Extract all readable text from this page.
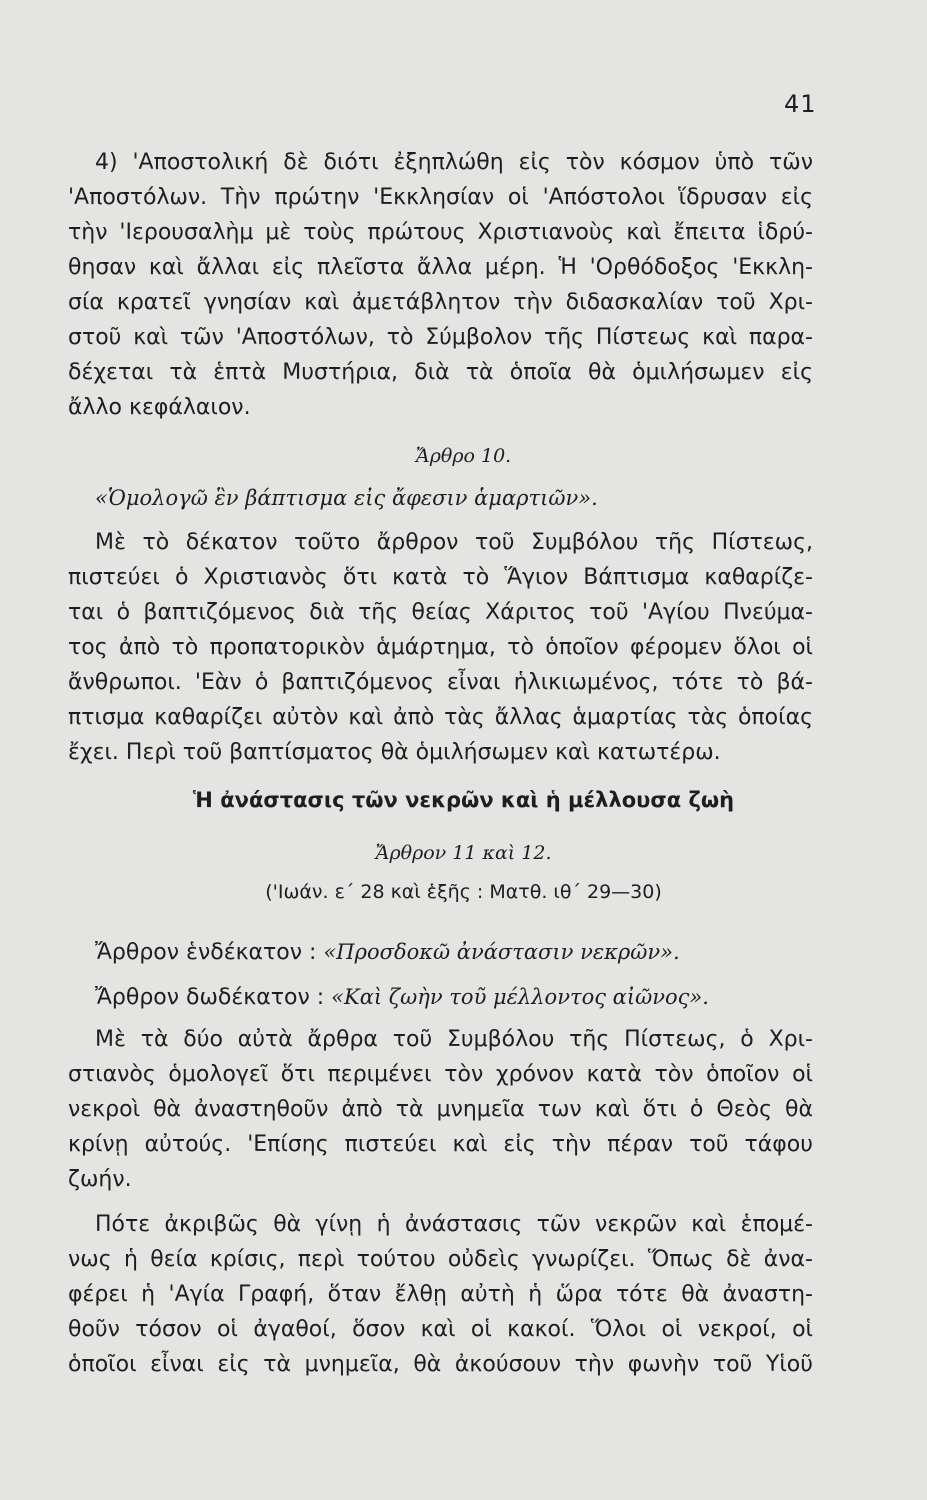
41
4) 'Αποστολική δὲ διότι ἐξηπλώθη εἰς τὸν κόσμον ὑπὸ τῶν
'Αποστόλων. Τὴν πρώτην 'Εκκλησίαν οἱ 'Απόστολοι ἵδρυσαν εἰς
τὴν 'Ιερουσαλὴμ μὲ τοὺς πρώτους Χριστιανοὺς καὶ ἔπειτα ἱδρύ-
θησαν καὶ ἄλλαι εἰς πλεῖστα ἄλλα μέρη. Ἡ 'Ορθόδοξος 'Εκκλη-
σία κρατεῖ γνησίαν καὶ ἀμετάβλητον τὴν διδασκαλίαν τοῦ Χρι-
στοῦ καὶ τῶν 'Αποστόλων, τὸ Σύμβολον τῆς Πίστεως καὶ παρα-
δέχεται τὰ ἑπτὰ Μυστήρια, διὰ τὰ ὁποῖα θὰ ὁμιλήσωμεν εἰς
ἄλλο κεφάλαιον.
Ἄρθρο 10.
«Ὁμολογῶ ἓν βάπτισμα εἰς ἄφεσιν ἁμαρτιῶν».
Μὲ τὸ δέκατον τοῦτο ἄρθρον τοῦ Συμβόλου τῆς Πίστεως,
πιστεύει ὁ Χριστιανὸς ὅτι κατὰ τὸ Ἅγιον Βάπτισμα καθαρίζε-
ται ὁ βαπτιζόμενος διὰ τῆς θείας Χάριτος τοῦ 'Αγίου Πνεύμα-
τος ἀπὸ τὸ προπατορικὸν ἁμάρτημα, τὸ ὁποῖον φέρομεν ὅλοι οἱ
ἄνθρωποι. 'Εὰν ὁ βαπτιζόμενος εἶναι ἡλικιωμένος, τότε τὸ βά-
πτισμα καθαρίζει αὐτὸν καὶ ἀπὸ τὰς ἄλλας ἁμαρτίας τὰς ὁποίας
ἔχει. Περὶ τοῦ βαπτίσματος θὰ ὁμιλήσωμεν καὶ κατωτέρω.
Ἡ ἀνάστασις τῶν νεκρῶν καὶ ἡ μέλλουσα ζωὴ
Ἄρθρον 11 καὶ 12.
('Ιωάν. ε΄ 28 καὶ ἑξῆς : Ματθ. ιθ΄ 29—30)
Ἄρθρον ἑνδέκατον : «Προσδοκῶ ἀνάστασιν νεκρῶν».
Ἄρθρον δωδέκατον : «Καὶ ζωὴν τοῦ μέλλοντος αἰῶνος».
Μὲ τὰ δύο αὐτὰ ἄρθρα τοῦ Συμβόλου τῆς Πίστεως, ὁ Χρι-
στιανὸς ὁμολογεῖ ὅτι περιμένει τὸν χρόνον κατὰ τὸν ὁποῖον οἱ
νεκροὶ θὰ ἀναστηθοῦν ἀπὸ τὰ μνημεῖα των καὶ ὅτι ὁ Θεὸς θὰ
κρίνῃ αὐτούς. 'Επίσης πιστεύει καὶ εἰς τὴν πέραν τοῦ τάφου
ζωήν.
Πότε ἀκριβῶς θὰ γίνῃ ἡ ἀνάστασις τῶν νεκρῶν καὶ ἑπομέ-
νως ἡ θεία κρίσις, περὶ τούτου οὐδεὶς γνωρίζει. Ὅπως δὲ ἀνα-
φέρει ἡ 'Αγία Γραφή, ὅταν ἔλθῃ αὐτὴ ἡ ὥρα τότε θὰ ἀναστη-
θοῦν τόσον οἱ ἀγαθοί, ὅσον καὶ οἱ κακοί. Ὅλοι οἱ νεκροί, οἱ
ὁποῖοι εἶναι εἰς τὰ μνημεῖα, θὰ ἀκούσουν τὴν φωνὴν τοῦ Υἱοῦ
